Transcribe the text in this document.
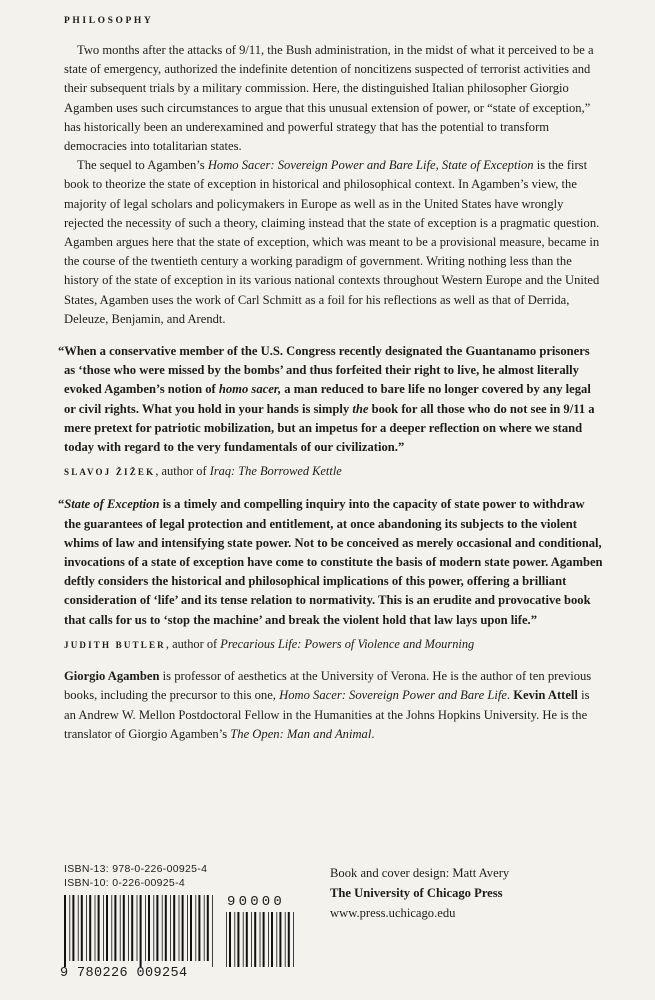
PHILOSOPHY

Two months after the attacks of 9/11, the Bush administration, in the midst of what it perceived to be a state of emergency, authorized the indefinite detention of noncitizens suspected of terrorist activities and their subsequent trials by a military commission. Here, the distinguished Italian philosopher Giorgio Agamben uses such circumstances to argue that this unusual extension of power, or “state of exception,” has historically been an underexamined and powerful strategy that has the potential to transform democracies into totalitarian states.

The sequel to Agamben’s Homo Sacer: Sovereign Power and Bare Life, State of Exception is the first book to theorize the state of exception in historical and philosophical context. In Agamben’s view, the majority of legal scholars and policymakers in Europe as well as in the United States have wrongly rejected the necessity of such a theory, claiming instead that the state of exception is a pragmatic question. Agamben argues here that the state of exception, which was meant to be a provisional measure, became in the course of the twentieth century a working paradigm of government. Writing nothing less than the history of the state of exception in its various national contexts throughout Western Europe and the United States, Agamben uses the work of Carl Schmitt as a foil for his reflections as well as that of Derrida, Deleuze, Benjamin, and Arendt.

“When a conservative member of the U.S. Congress recently designated the Guantanamo prisoners as ‘those who were missed by the bombs’ and thus forfeited their right to live, he almost literally evoked Agamben’s notion of homo sacer, a man reduced to bare life no longer covered by any legal or civil rights. What you hold in your hands is simply the book for all those who do not see in 9/11 a mere pretext for patriotic mobilization, but an impetus for a deeper reflection on where we stand today with regard to the very fundamentals of our civilization.”

SLAVOJ ŽIŽEK, author of Iraq: The Borrowed Kettle

“State of Exception is a timely and compelling inquiry into the capacity of state power to withdraw the guarantees of legal protection and entitlement, at once abandoning its subjects to the violent whims of law and intensifying state power. Not to be conceived as merely occasional and conditional, invocations of a state of exception have come to constitute the basis of modern state power. Agamben deftly considers the historical and philosophical implications of this power, offering a brilliant consideration of ‘life’ and its tense relation to normativity. This is an erudite and provocative book that calls for us to ‘stop the machine’ and break the violent hold that law lays upon life.”

JUDITH BUTLER, author of Precarious Life: Powers of Violence and Mourning

Giorgio Agamben is professor of aesthetics at the University of Verona. He is the author of ten previous books, including the precursor to this one, Homo Sacer: Sovereign Power and Bare Life. Kevin Attell is an Andrew W. Mellon Postdoctoral Fellow in the Humanities at the Johns Hopkins University. He is the translator of Giorgio Agamben’s The Open: Man and Animal.

ISBN-13: 978-0-226-00925-4
ISBN-10: 0-226-00925-4
9 780226 009254
90000
Book and cover design: Matt Avery
The University of Chicago Press
www.press.uchicago.edu
